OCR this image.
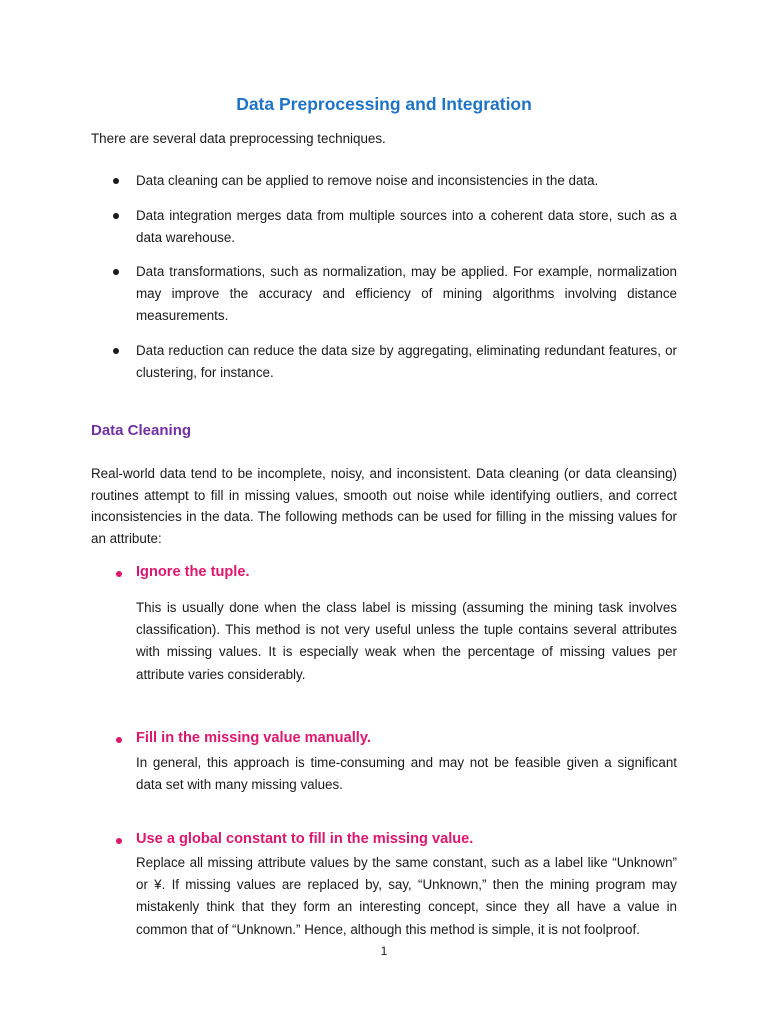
Data Preprocessing and Integration
There are several data preprocessing techniques.
Data cleaning can be applied to remove noise and inconsistencies in the data.
Data integration merges data from multiple sources into a coherent data store, such as a data warehouse.
Data transformations, such as normalization, may be applied. For example, normalization may improve the accuracy and efficiency of mining algorithms involving distance measurements.
Data reduction can reduce the data size by aggregating, eliminating redundant features, or clustering, for instance.
Data Cleaning
Real-world data tend to be incomplete, noisy, and inconsistent. Data cleaning (or data cleansing) routines attempt to fill in missing values, smooth out noise while identifying outliers, and correct inconsistencies in the data. The following methods can be used for filling in the missing values for an attribute:
Ignore the tuple.
This is usually done when the class label is missing (assuming the mining task involves classification). This method is not very useful unless the tuple contains several attributes with missing values. It is especially weak when the percentage of missing values per attribute varies considerably.
Fill in the missing value manually.
In general, this approach is time-consuming and may not be feasible given a significant data set with many missing values.
Use a global constant to fill in the missing value.
Replace all missing attribute values by the same constant, such as a label like “Unknown” or ¥. If missing values are replaced by, say, “Unknown,” then the mining program may mistakenly think that they form an interesting concept, since they all have a value in common that of “Unknown.” Hence, although this method is simple, it is not foolproof.
1
